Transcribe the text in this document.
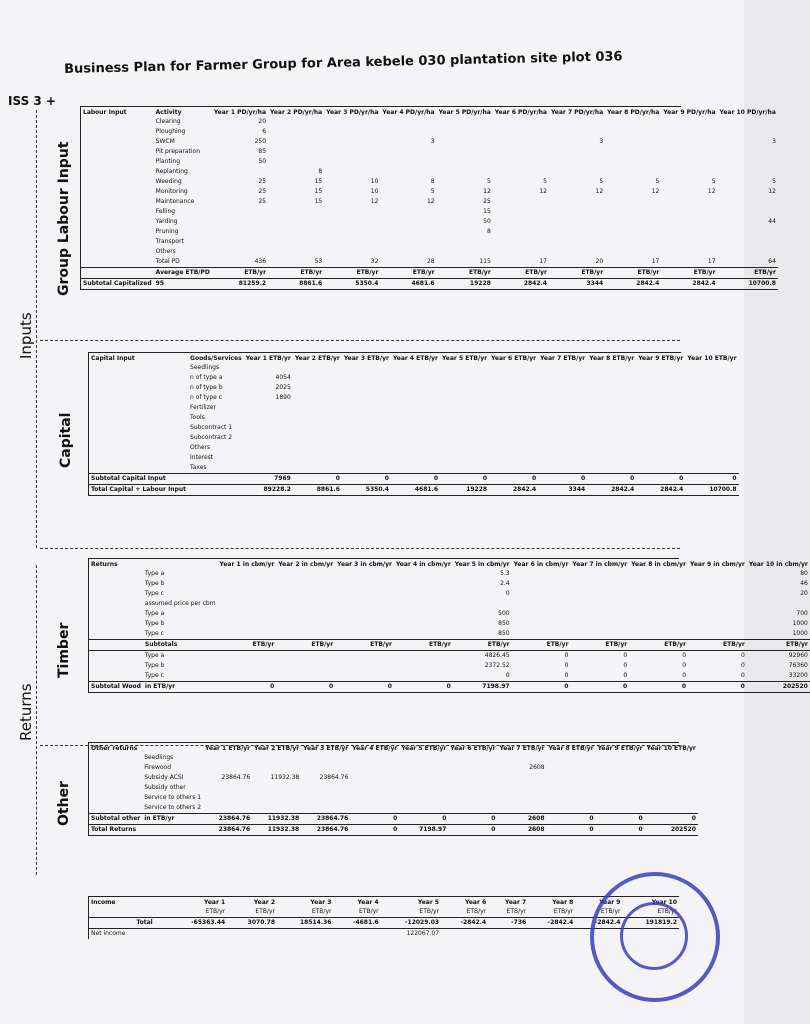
Business Plan for Farmer Group for Area kebele 030 plantation site plot 036
ISS 3 +
Inputs
Returns
Group Labour Input
Capital
Timber
Other
Labour Input	Activity	Year 1 PD/yr/ha	Year 2 PD/yr/ha	Year 3 PD/yr/ha	Year 4 PD/yr/ha	Year 5 PD/yr/ha	Year 6 PD/yr/ha	Year 7 PD/yr/ha	Year 8 PD/yr/ha	Year 9 PD/yr/ha	Year 10 PD/yr/ha
	Clearing	20									
	Ploughing	6									
	SWCM	250			3			3			3
	Pit preparation	85									
	Planting	50									
	Replanting		8								
	Weeding	25	15	10	8	5	5	5	5	5	5
	Monitoring	25	15	10	5	12	12	12	12	12	12
	Maintenance	25	15	12	12	25					
	Felling					15					
	Yarding					50					44
	Pruning					8					
	Transport										
	Others										
	Total PD	436	53	32	28	115	17	20	17	17	64
	Average ETB/PD	ETB/yr	ETB/yr	ETB/yr	ETB/yr	ETB/yr	ETB/yr	ETB/yr	ETB/yr	ETB/yr	ETB/yr
Subtotal Capitalized	95	81259.2	8861.6	5350.4	4681.6	19228	2842.4	3344	2842.4	2842.4	10700.8
Capital Input	Goods/Services	Year 1 ETB/yr	Year 2 ETB/yr	Year 3 ETB/yr	Year 4 ETB/yr	Year 5 ETB/yr	Year 6 ETB/yr	Year 7 ETB/yr	Year 8 ETB/yr	Year 9 ETB/yr	Year 10 ETB/yr
	Seedlings										
	n of type a	4054									
	n of type b	2025									
	n of type c	1890									
	Fertilizer										
	Tools										
	Subcontract 1										
	Subcontract 2										
	Others										
	Interest										
	Taxes										
Subtotal Capital Input		7969	0	0	0	0	0	0	0	0	0
Total Capital + Labour Input		89228.2	8861.6	5350.4	4681.6	19228	2842.4	3344	2842.4	2842.4	10700.8
Returns		Year 1 in cbm/yr	Year 2 in cbm/yr	Year 3 in cbm/yr	Year 4 in cbm/yr	Year 5 in cbm/yr	Year 6 in cbm/yr	Year 7 in cbm/yr	Year 8 in cbm/yr	Year 9 in cbm/yr	Year 10 in cbm/yr
	Type a					5.3					80
	Type b					2.4					46
	Type c					0					20
	assumed price per cbm										
	Type a					500					700
	Type b					850					1000
	Type c					850					1000
	Subtotals	ETB/yr	ETB/yr	ETB/yr	ETB/yr	ETB/yr	ETB/yr	ETB/yr	ETB/yr	ETB/yr	ETB/yr
	Type a					4826.45	0	0	0	0	92960
	Type b					2372.52	0	0	0	0	76360
	Type c					0	0	0	0	0	33200
Subtotal Wood	in ETB/yr	0	0	0	0	7198.97	0	0	0	0	202520
Other returns		Year 1 ETB/yr	Year 2 ETB/yr	Year 3 ETB/yr	Year 4 ETB/yr	Year 5 ETB/yr	Year 6 ETB/yr	Year 7 ETB/yr	Year 8 ETB/yr	Year 9 ETB/yr	Year 10 ETB/yr
	Seedlings										
	Firewood							2608			
	Subsidy ACSI	23864.76	11932.38	23864.76							
	Subsidy other										
	Service to others 1										
	Service to others 2										
Subtotal other	in ETB/yr	23864.76	11932.38	23864.76	0	0	0	2608	0	0	0
Total Returns		23864.76	11932.38	23864.76	0	7198.97	0	2608	0	0	202520
Income		Year 1	Year 2	Year 3	Year 4	Year 5	Year 6	Year 7	Year 8	Year 9	Year 10
		ETB/yr	ETB/yr	ETB/yr	ETB/yr	ETB/yr	ETB/yr	ETB/yr	ETB/yr	ETB/yr	ETB/yr
	Total	-65363.44	3070.78	18514.36	-4681.6	-12029.03	-2842.4	-736	-2842.4	-2842.4	191819.2
Net income						122067.07					
